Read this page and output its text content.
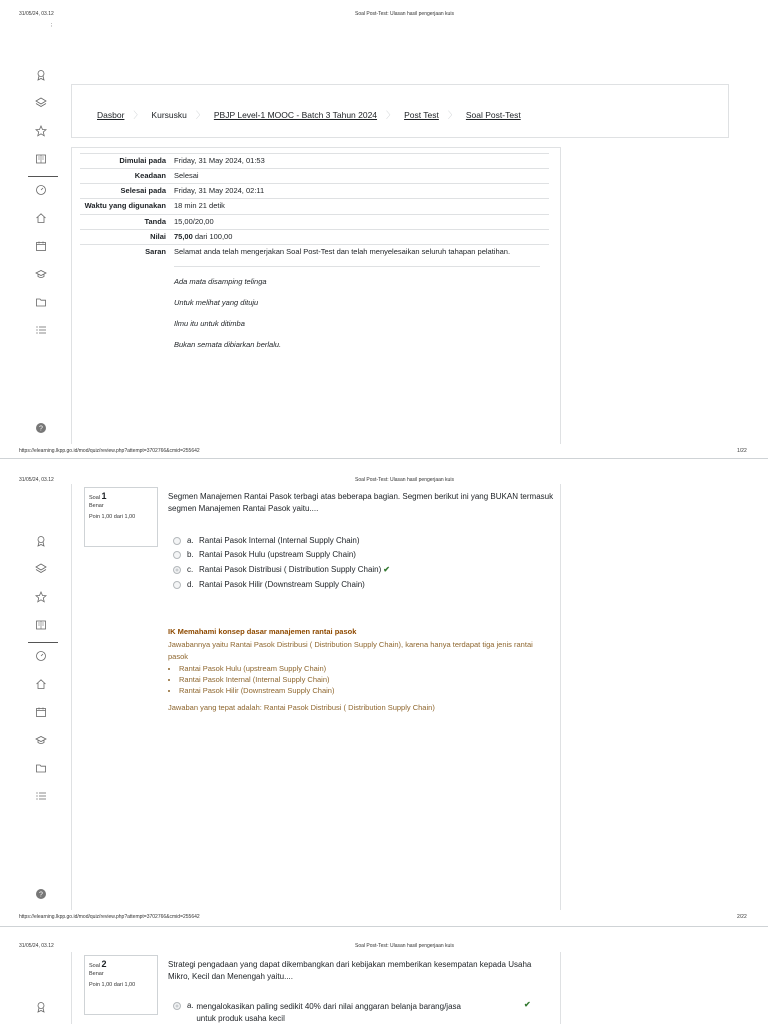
31/05/24, 03.12	Soal Post-Test: Ulasan hasil pengerjaan kuis
;
?
Dasbor 〉 Kursusku 〉 PBJP Level-1 MOOC - Batch 3 Tahun 2024 〉 Post Test 〉 Soal Post-Test
Dimulai pada	Friday, 31 May 2024, 01:53
Keadaan	Selesai
Selesai pada	Friday, 31 May 2024, 02:11
Waktu yang digunakan	18 min 21 detik
Tanda	15,00/20,00
Nilai	75,00 dari 100,00
Saran	Selamat anda telah mengerjakan Soal Post-Test dan telah menyelesaikan seluruh tahapan pelatihan.
Ada mata disamping telinga
Untuk melihat yang dituju
Ilmu itu untuk ditimba
Bukan semata dibiarkan berlalu.
https://elearning.lkpp.go.id/mod/quiz/review.php?attempt=3702766&cmid=255642	1/22
31/05/24, 03.12	Soal Post-Test: Ulasan hasil pengerjaan kuis
?
Soal 1
Benar
Poin 1,00 dari 1,00
Segmen Manajemen Rantai Pasok terbagi atas beberapa bagian. Segmen berikut ini yang BUKAN termasuk segmen Manajemen Rantai Pasok yaitu....
a. Rantai Pasok Internal (Internal Supply Chain)
b. Rantai Pasok Hulu (upstream Supply Chain)
c. Rantai Pasok Distribusi ( Distribution Supply Chain) ✔
d. Rantai Pasok Hilir (Downstream Supply Chain)
IK Memahami konsep dasar manajemen rantai pasok
Jawabannya yaitu Rantai Pasok Distribusi ( Distribution Supply Chain), karena hanya terdapat tiga jenis rantai pasok
• Rantai Pasok Hulu (upstream Supply Chain)
• Rantai Pasok Internal (Internal Supply Chain)
• Rantai Pasok Hilir (Downstream Supply Chain)
Jawaban yang tepat adalah: Rantai Pasok Distribusi ( Distribution Supply Chain)
https://elearning.lkpp.go.id/mod/quiz/review.php?attempt=3702766&cmid=255642	2/22
31/05/24, 03.12	Soal Post-Test: Ulasan hasil pengerjaan kuis
Soal 2
Benar
Poin 1,00 dari 1,00
Strategi pengadaan yang dapat dikembangkan dari kebijakan memberikan kesempatan kepada Usaha Mikro, Kecil dan Menengah yaitu....
a. mengalokasikan paling sedikit 40% dari nilai anggaran belanja barang/jasa untuk produk usaha kecil
✔
